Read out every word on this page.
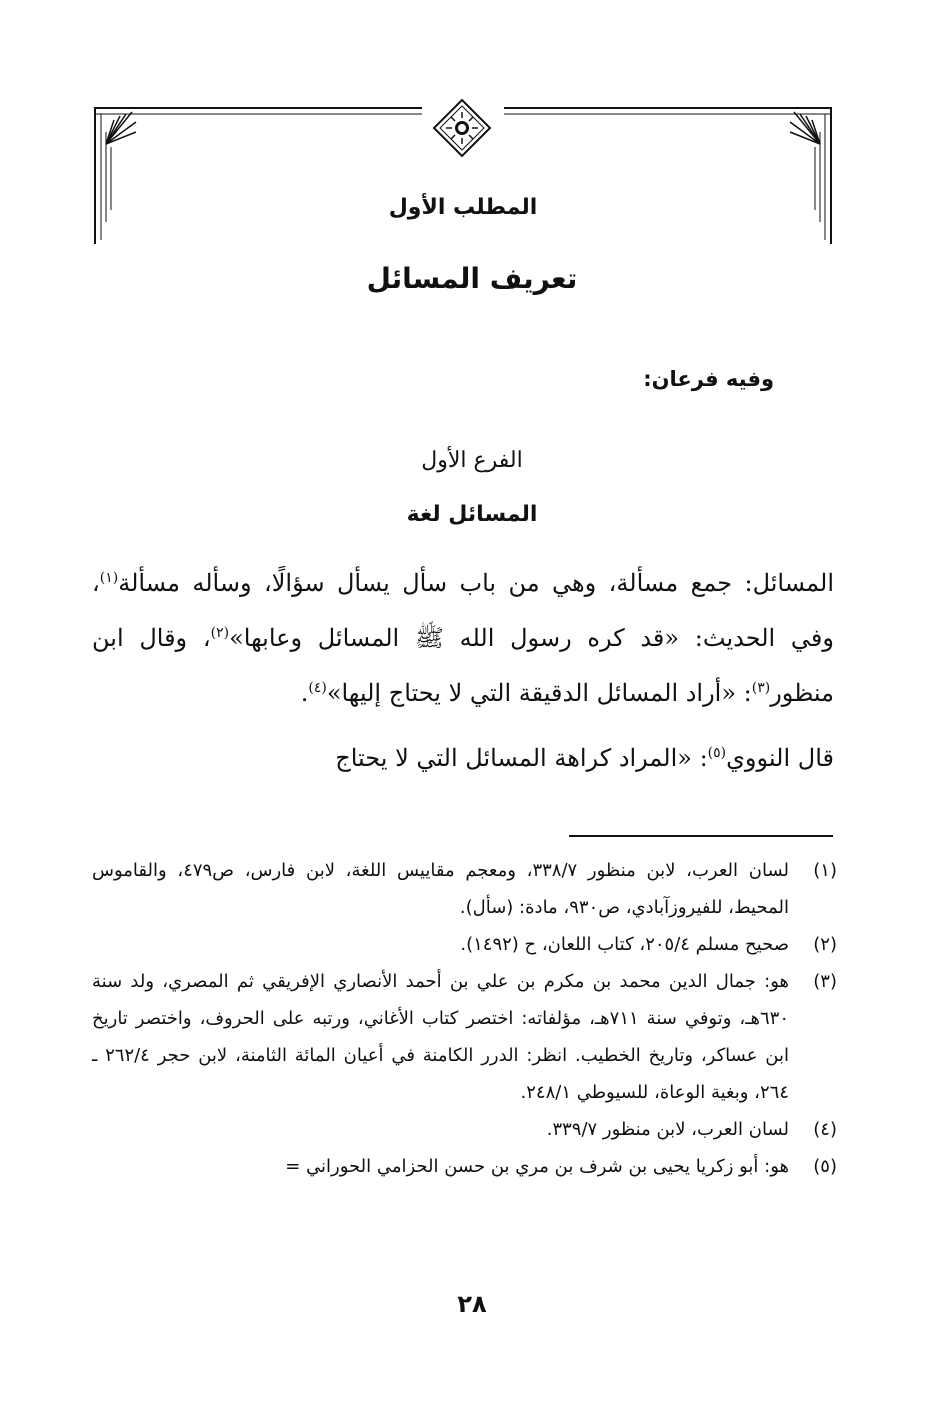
المطلب الأول
تعريف المسائل
وفيه فرعان:
الفرع الأول
المسائل لغة

المسائل: جمع مسألة، وهي من باب سأل يسأل سؤالًا، وسأله مسألة$^{(١)}$، وفي الحديث: «قد كره رسول الله ﷺ المسائل وعابها»$^{(٢)}$، وقال ابن منظور$^{(٣)}$: «أراد المسائل الدقيقة التي لا يحتاج إليها»$^{(٤)}$.

قال النووي$^{(٥)}$: «المراد كراهة المسائل التي لا يحتاج

(١)
لسان العرب، لابن منظور ٣٣٨/٧، ومعجم مقاييس اللغة، لابن فارس، ص٤٧٩، والقاموس المحيط، للفيروزآبادي، ص٩٣٠، مادة: (سأل).
(٢)
صحيح مسلم ٢٠٥/٤، كتاب اللعان، ح (١٤٩٢).
(٣)
هو: جمال الدين محمد بن مكرم بن علي بن أحمد الأنصاري الإفريقي ثم المصري، ولد سنة ٦٣٠هـ، وتوفي سنة ٧١١هـ، مؤلفاته: اختصر كتاب الأغاني، ورتبه على الحروف، واختصر تاريخ ابن عساكر، وتاريخ الخطيب. انظر: الدرر الكامنة في أعيان المائة الثامنة، لابن حجر ٢٦٢/٤ ـ ٢٦٤، وبغية الوعاة، للسيوطي ٢٤٨/١.
(٤)
لسان العرب، لابن منظور ٣٣٩/٧.
(٥)
هو: أبو زكريا يحيى بن شرف بن مري بن حسن الحزامي الحوراني =
٢٨
